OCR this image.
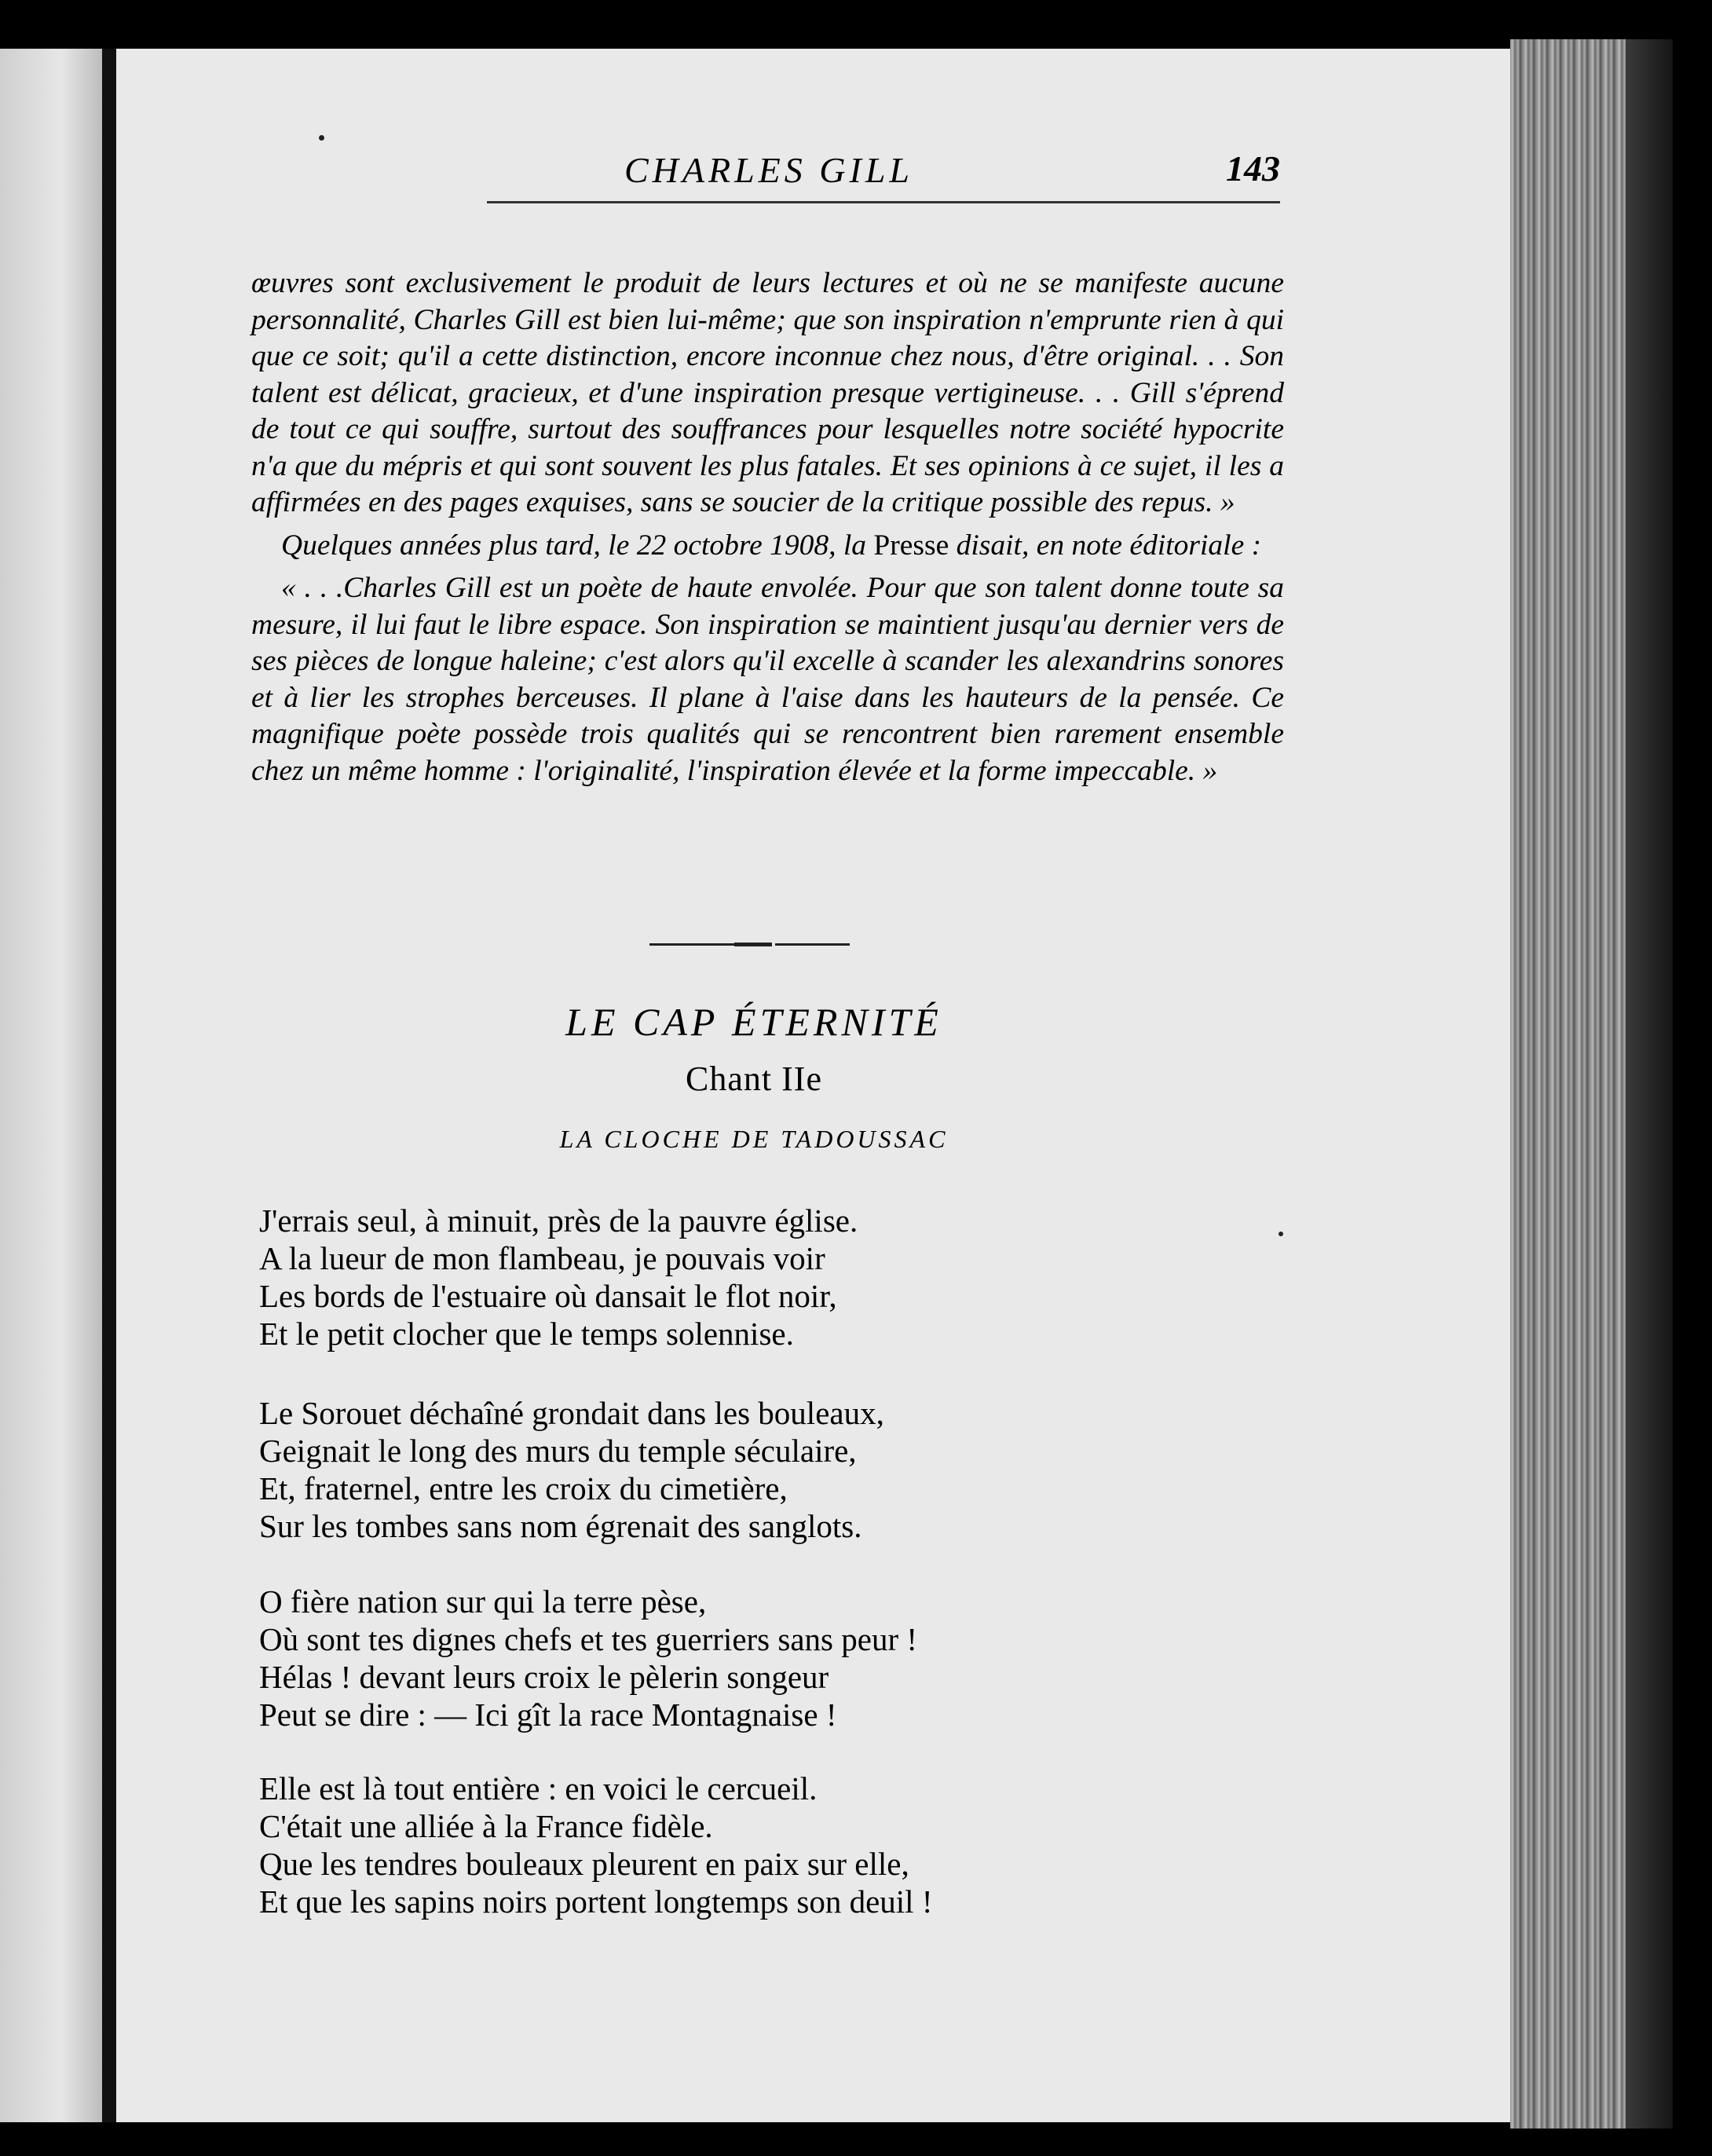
CHARLES GILL	143

œuvres sont exclusivement le produit de leurs lectures et où ne se manifeste aucune personnalité, Charles Gill est bien lui-même; que son inspiration n'emprunte rien à qui que ce soit; qu'il a cette distinction, encore inconnue chez nous, d'être original. . . Son talent est délicat, gracieux, et d'une inspiration presque vertigineuse. . . Gill s'éprend de tout ce qui souffre, surtout des souffrances pour lesquelles notre société hypocrite n'a que du mépris et qui sont souvent les plus fatales. Et ses opinions à ce sujet, il les a affirmées en des pages exquises, sans se soucier de la critique possible des repus. »

Quelques années plus tard, le 22 octobre 1908, la Presse disait, en note éditoriale :

« . . .Charles Gill est un poète de haute envolée. Pour que son talent donne toute sa mesure, il lui faut le libre espace. Son inspiration se maintient jusqu'au dernier vers de ses pièces de longue haleine; c'est alors qu'il excelle à scander les alexandrins sonores et à lier les strophes berceuses. Il plane à l'aise dans les hauteurs de la pensée. Ce magnifique poète possède trois qualités qui se rencontrent bien rarement ensemble chez un même homme : l'originalité, l'inspiration élevée et la forme impeccable. »

LE CAP ÉTERNITÉ
Chant IIe
LA CLOCHE DE TADOUSSAC
J'errais seul, à minuit, près de la pauvre église.
A la lueur de mon flambeau, je pouvais voir
Les bords de l'estuaire où dansait le flot noir,
Et le petit clocher que le temps solennise.
Le Sorouet déchaîné grondait dans les bouleaux,
Geignait le long des murs du temple séculaire,
Et, fraternel, entre les croix du cimetière,
Sur les tombes sans nom égrenait des sanglots.
O fière nation sur qui la terre pèse,
Où sont tes dignes chefs et tes guerriers sans peur !
Hélas ! devant leurs croix le pèlerin songeur
Peut se dire : — Ici gît la race Montagnaise !
Elle est là tout entière : en voici le cercueil.
C'était une alliée à la France fidèle.
Que les tendres bouleaux pleurent en paix sur elle,
Et que les sapins noirs portent longtemps son deuil !
